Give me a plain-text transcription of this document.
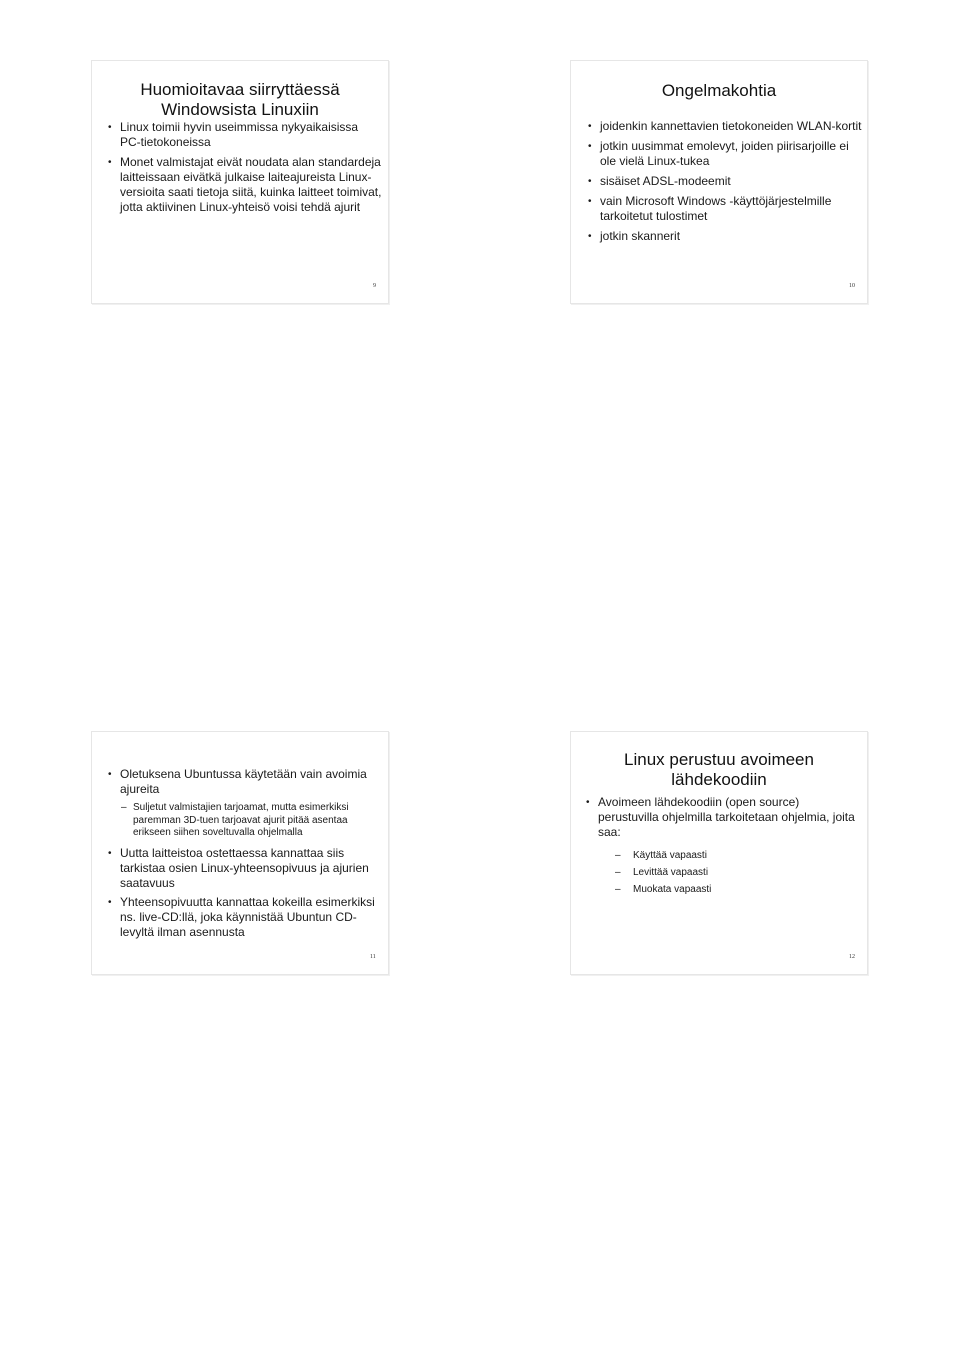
Huomioitavaa siirryttäessä
Windowsista Linuxiin
• Linux toimii hyvin useimmissa nykyaikaisissa PC-tietokoneissa
• Monet valmistajat eivät noudata alan standardeja laitteissaan eivätkä julkaise laiteajureista Linux-versioita saati tietoja siitä, kuinka laitteet toimivat, jotta aktiivinen Linux-yhteisö voisi tehdä ajurit
9
Ongelmakohtia
• joidenkin kannettavien tietokoneiden WLAN-kortit
• jotkin uusimmat emolevyt, joiden piirisarjoille ei ole vielä Linux-tukea
• sisäiset ADSL-modeemit
• vain Microsoft Windows -käyttöjärjestelmille tarkoitetut tulostimet
• jotkin skannerit
10
• Oletuksena Ubuntussa käytetään vain avoimia ajureita
– Suljetut valmistajien tarjoamat, mutta esimerkiksi paremman 3D-tuen tarjoavat ajurit pitää asentaa erikseen siihen soveltuvalla ohjelmalla
• Uutta laitteistoa ostettaessa kannattaa siis tarkistaa osien Linux-yhteensopivuus ja ajurien saatavuus
• Yhteensopivuutta kannattaa kokeilla esimerkiksi ns. live-CD:llä, joka käynnistää Ubuntun CD-levyltä ilman asennusta
11
Linux perustuu avoimeen
lähdekoodiin
• Avoimeen lähdekoodiin (open source) perustuvilla ohjelmilla tarkoitetaan ohjelmia, joita saa:
– Käyttää vapaasti
– Levittää vapaasti
– Muokata vapaasti
12
